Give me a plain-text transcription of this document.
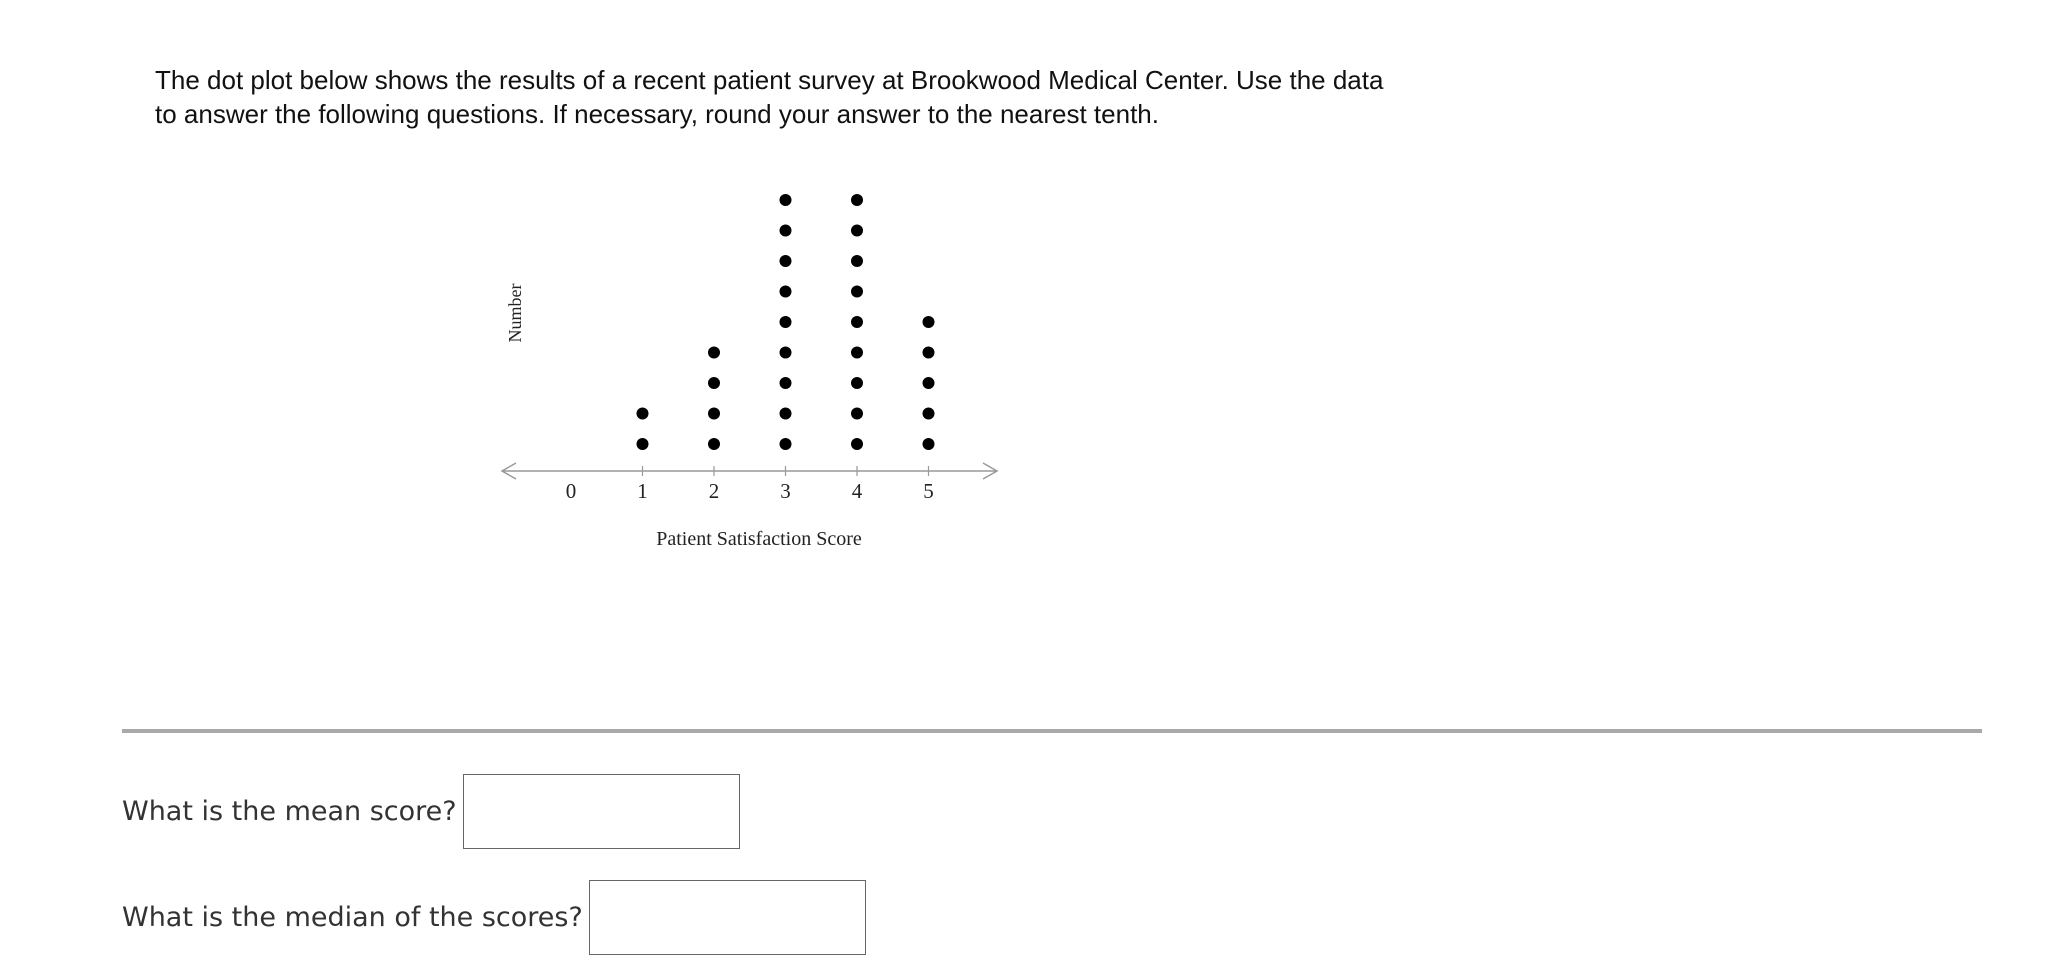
The dot plot below shows the results of a recent patient survey at Brookwood Medical Center. Use the data to answer the following questions. If necessary, round your answer to the nearest tenth.

0	1	2	3	4	5
Number
Patient Satisfaction Score
What is the mean score?
What is the median of the scores?
